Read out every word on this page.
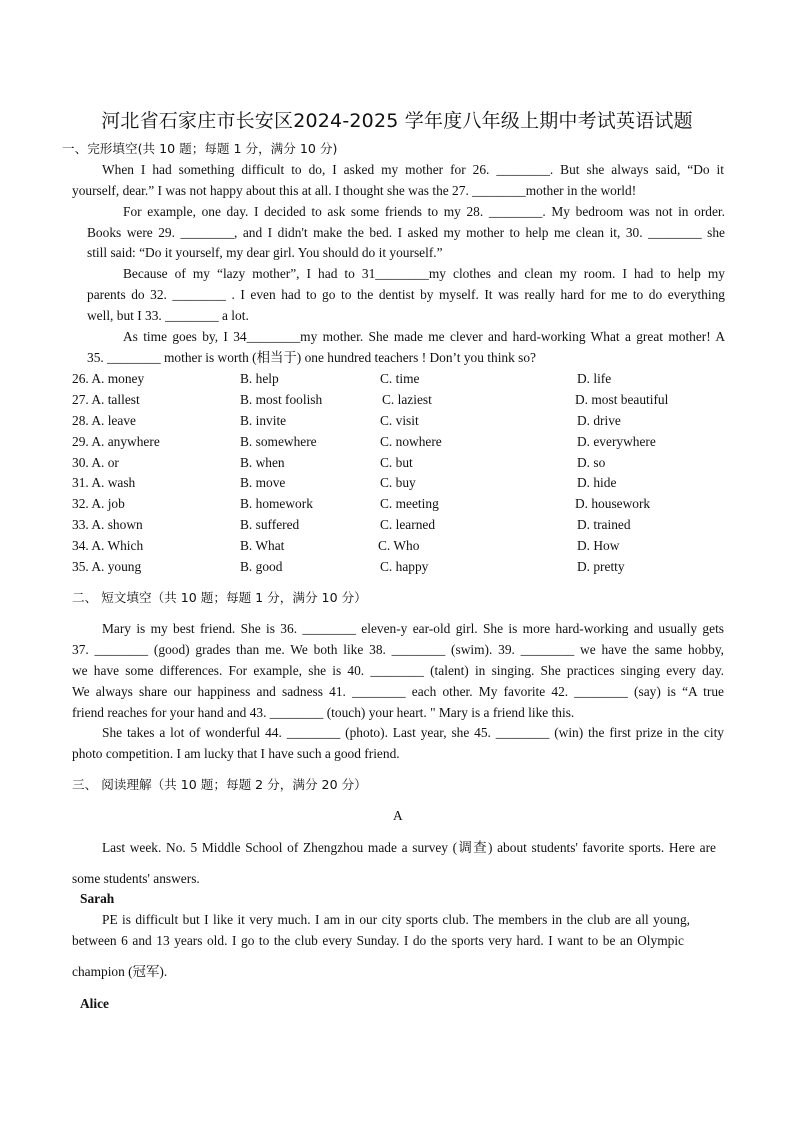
河北省石家庄市长安区2024-2025 学年度八年级上期中考试英语试题
一、完形填空(共 10 题；每题 1 分，满分 10 分)
When I had something difficult to do, I asked my mother for 26. ________. But she always said, “Do it
yourself, dear.” I was not happy about this at all. I thought she was the 27. ________mother in the world!
For example, one day. I decided to ask some friends to my 28. ________. My bedroom was not in order.
Books were 29. ________, and I didn't make the bed. I asked my mother to help me clean it, 30. ________ she
still said: “Do it yourself, my dear girl. You should do it yourself.”
Because of my “lazy mother”, I had to 31________my clothes and clean my room. I had to help my
parents do 32. ________ . I even had to go to the dentist by myself. It was really hard for me to do everything
well, but I 33. ________ a lot.
As time goes by, I 34________my mother. She made me clever and hard-working What a great mother! A
35. ________ mother is worth (相当于) one hundred teachers ! Don’t you think so?
26. A. money	B. help	C. time	D. life
27. A. tallest	B. most foolish	C. laziest	D. most beautiful
28. A. leave	B. invite	C. visit	D. drive
29. A. anywhere	B. somewhere	C. nowhere	D. everywhere
30. A. or	B. when	C. but	D. so
31. A. wash	B. move	C. buy	D. hide
32. A. job	B. homework	C. meeting	D. housework
33. A. shown	B. suffered	C. learned	D. trained
34. A. Which	B. What	C. Who	D. How
35. A. young	B. good	C. happy	D. pretty
二、 短文填空（共 10 题；每题 1 分，满分 10 分）
Mary is my best friend. She is 36. ________ eleven-y ear-old girl. She is more hard-working and usually gets
37. ________ (good) grades than me. We both like 38. ________ (swim). 39. ________ we have the same hobby,
we have some differences. For example, she is 40. ________ (talent) in singing. She practices singing every day.
We always share our happiness and sadness 41. ________ each other. My favorite 42. ________ (say) is “A true
friend reaches for your hand and 43. ________ (touch) your heart. " Mary is a friend like this.
She takes a lot of wonderful 44. ________ (photo). Last year, she 45. ________ (win) the first prize in the city
photo competition. I am lucky that I have such a good friend.
三、 阅读理解（共 10 题；每题 2 分，满分 20 分）
A
Last week. No. 5 Middle School of Zhengzhou made a survey (调查) about students' favorite sports. Here are
some students' answers.
Sarah
PE is difficult but I like it very much. I am in our city sports club. The members in the club are all young,
between 6 and 13 years old. I go to the club every Sunday. I do the sports very hard. I want to be an Olympic
champion (冠军).
Alice
